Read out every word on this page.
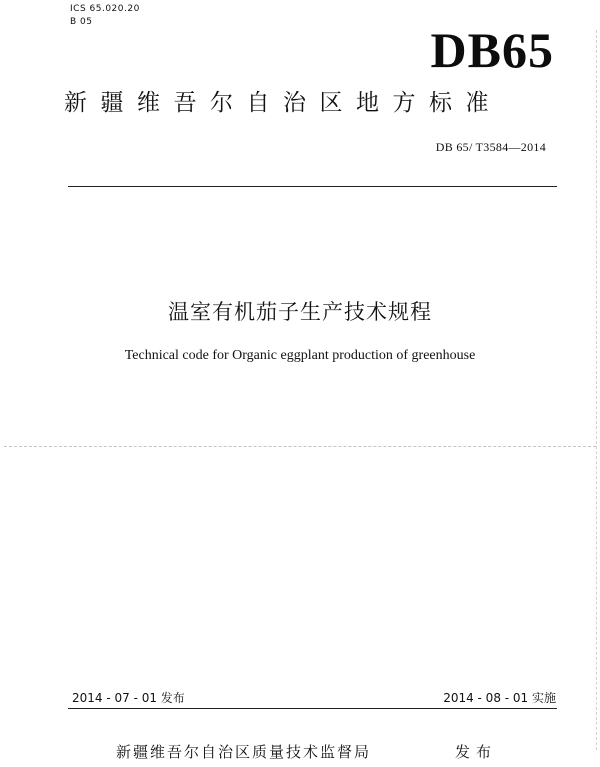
ICS 65.020.20
B 05	DB65
新疆维吾尔自治区地方标准
DB 65/ T3584—2014
温室有机茄子生产技术规程
Technical code for Organic eggplant production of greenhouse
2014 - 07 - 01 发布	2014 - 08 - 01 实施
新疆维吾尔自治区质量技术监督局	发布
